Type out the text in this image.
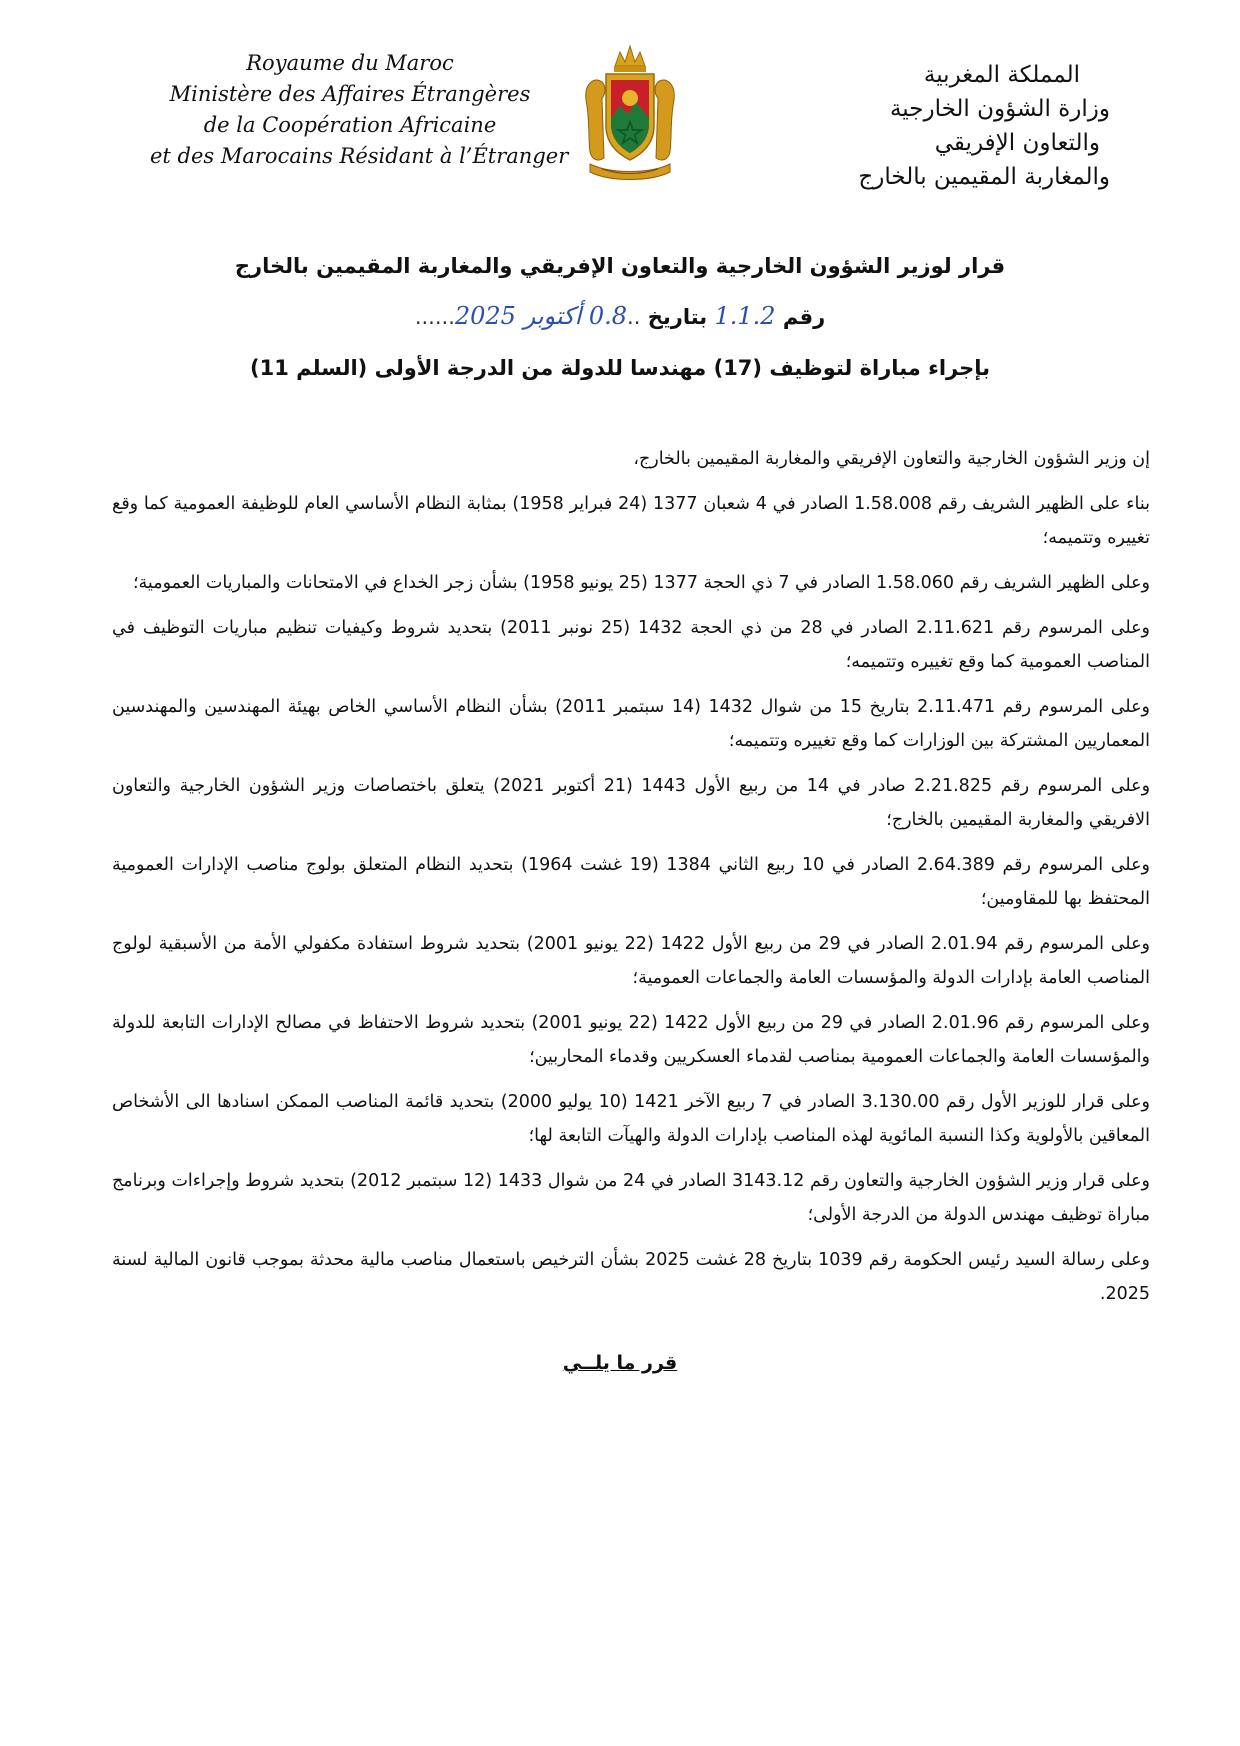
Royaume du Maroc
Ministère des Affaires Étrangères
de la Coopération Africaine
et des Marocains Résidant à l’Étranger
المملكة المغربية
وزارة الشؤون الخارجية
والتعاون الإفريقي
والمغاربة المقيمين بالخارج
قرار لوزير الشؤون الخارجية والتعاون الإفريقي والمغاربة المقيمين بالخارج
رقم 1.1.2 بتاريخ ..0.8 أكتوبر 2025......
بإجراء مباراة لتوظيف (17) مهندسا للدولة من الدرجة الأولى (السلم 11)

إن وزير الشؤون الخارجية والتعاون الإفريقي والمغاربة المقيمين بالخارج،

بناء على الظهير الشريف رقم 1.58.008 الصادر في 4 شعبان 1377 (24 فبراير 1958) بمثابة النظام الأساسي العام للوظيفة العمومية كما وقع تغييره وتتميمه؛

وعلى الظهير الشريف رقم 1.58.060 الصادر في 7 ذي الحجة 1377 (25 يونيو 1958) بشأن زجر الخداع في الامتحانات والمباريات العمومية؛

وعلى المرسوم رقم 2.11.621 الصادر في 28 من ذي الحجة 1432 (25 نونبر 2011) بتحديد شروط وكيفيات تنظيم مباريات التوظيف في المناصب العمومية كما وقع تغييره وتتميمه؛

وعلى المرسوم رقم 2.11.471 بتاريخ 15 من شوال 1432 (14 سبتمبر 2011) بشأن النظام الأساسي الخاص بهيئة المهندسين والمهندسين المعماريين المشتركة بين الوزارات كما وقع تغييره وتتميمه؛

وعلى المرسوم رقم 2.21.825 صادر في 14 من ربيع الأول 1443 (21 أكتوبر 2021) يتعلق باختصاصات وزير الشؤون الخارجية والتعاون الافريقي والمغاربة المقيمين بالخارج؛

وعلى المرسوم رقم 2.64.389 الصادر في 10 ربيع الثاني 1384 (19 غشت 1964) بتحديد النظام المتعلق بولوج مناصب الإدارات العمومية المحتفظ بها للمقاومين؛

وعلى المرسوم رقم 2.01.94 الصادر في 29 من ربيع الأول 1422 (22 يونيو 2001) بتحديد شروط استفادة مكفولي الأمة من الأسبقية لولوج المناصب العامة بإدارات الدولة والمؤسسات العامة والجماعات العمومية؛

وعلى المرسوم رقم 2.01.96 الصادر في 29 من ربيع الأول 1422 (22 يونيو 2001) بتحديد شروط الاحتفاظ في مصالح الإدارات التابعة للدولة والمؤسسات العامة والجماعات العمومية بمناصب لقدماء العسكريين وقدماء المحاربين؛

وعلى قرار للوزير الأول رقم 3.130.00 الصادر في 7 ربيع الآخر 1421 (10 يوليو 2000) بتحديد قائمة المناصب الممكن اسنادها الى الأشخاص المعاقين بالأولوية وكذا النسبة المائوية لهذه المناصب بإدارات الدولة والهيآت التابعة لها؛

وعلى قرار وزير الشؤون الخارجية والتعاون رقم 3143.12 الصادر في 24 من شوال 1433 (12 سبتمبر 2012) بتحديد شروط وإجراءات وبرنامج مباراة توظيف مهندس الدولة من الدرجة الأولى؛

وعلى رسالة السيد رئيس الحكومة رقم 1039 بتاريخ 28 غشت 2025 بشأن الترخيص باستعمال مناصب مالية محدثة بموجب قانون المالية لسنة 2025.

قرر ما يلــي
